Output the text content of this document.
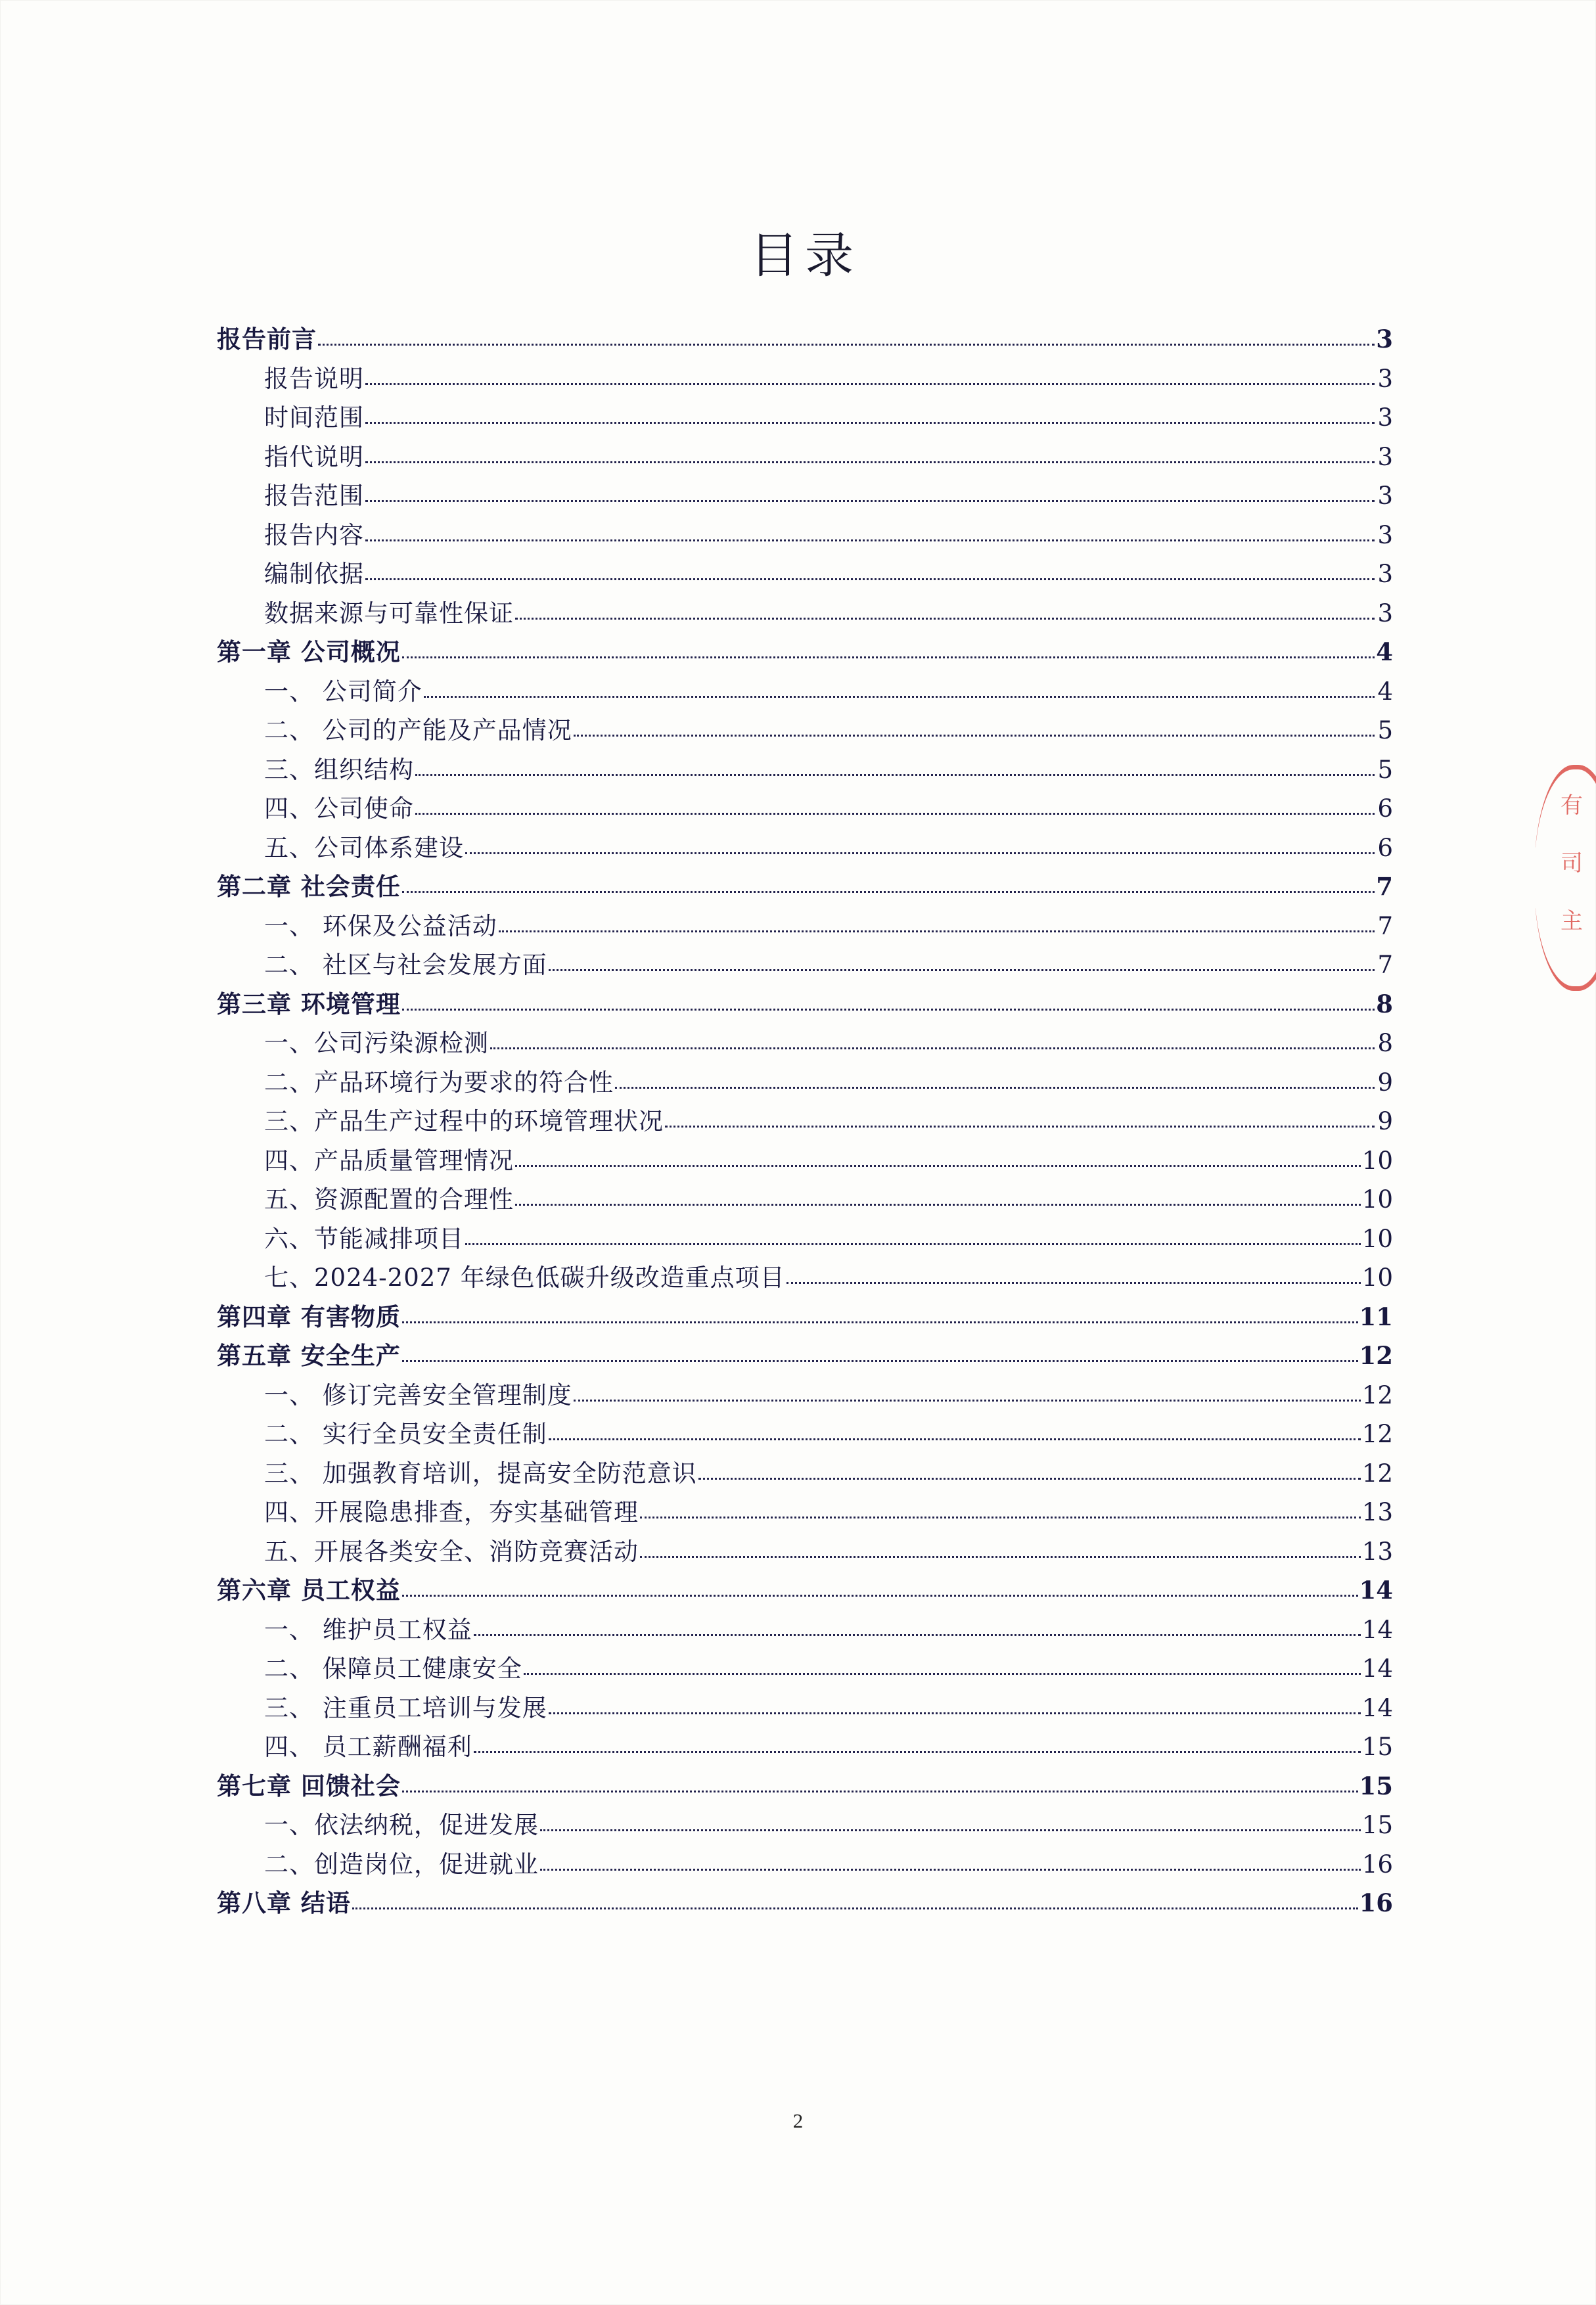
目录
报告前言	3
报告说明	3
时间范围	3
指代说明	3
报告范围	3
报告内容	3
编制依据	3
数据来源与可靠性保证	3
第一章 公司概况	4
一、 公司简介	4
二、 公司的产能及产品情况	5
三、组织结构	5
四、公司使命	6
五、公司体系建设	6
第二章 社会责任	7
一、 环保及公益活动	7
二、 社区与社会发展方面	7
第三章 环境管理	8
一、公司污染源检测	8
二、产品环境行为要求的符合性	9
三、产品生产过程中的环境管理状况	9
四、产品质量管理情况	10
五、资源配置的合理性	10
六、节能减排项目	10
七、2024-2027 年绿色低碳升级改造重点项目	10
第四章 有害物质	11
第五章 安全生产	12
一、 修订完善安全管理制度	12
二、 实行全员安全责任制	12
三、 加强教育培训，提高安全防范意识	12
四、开展隐患排查，夯实基础管理	13
五、开展各类安全、消防竞赛活动	13
第六章 员工权益	14
一、 维护员工权益	14
二、 保障员工健康安全	14
三、 注重员工培训与发展	14
四、 员工薪酬福利	15
第七章 回馈社会	15
一、依法纳税，促进发展	15
二、创造岗位，促进就业	16
第八章 结语	16
有
司
主
2
